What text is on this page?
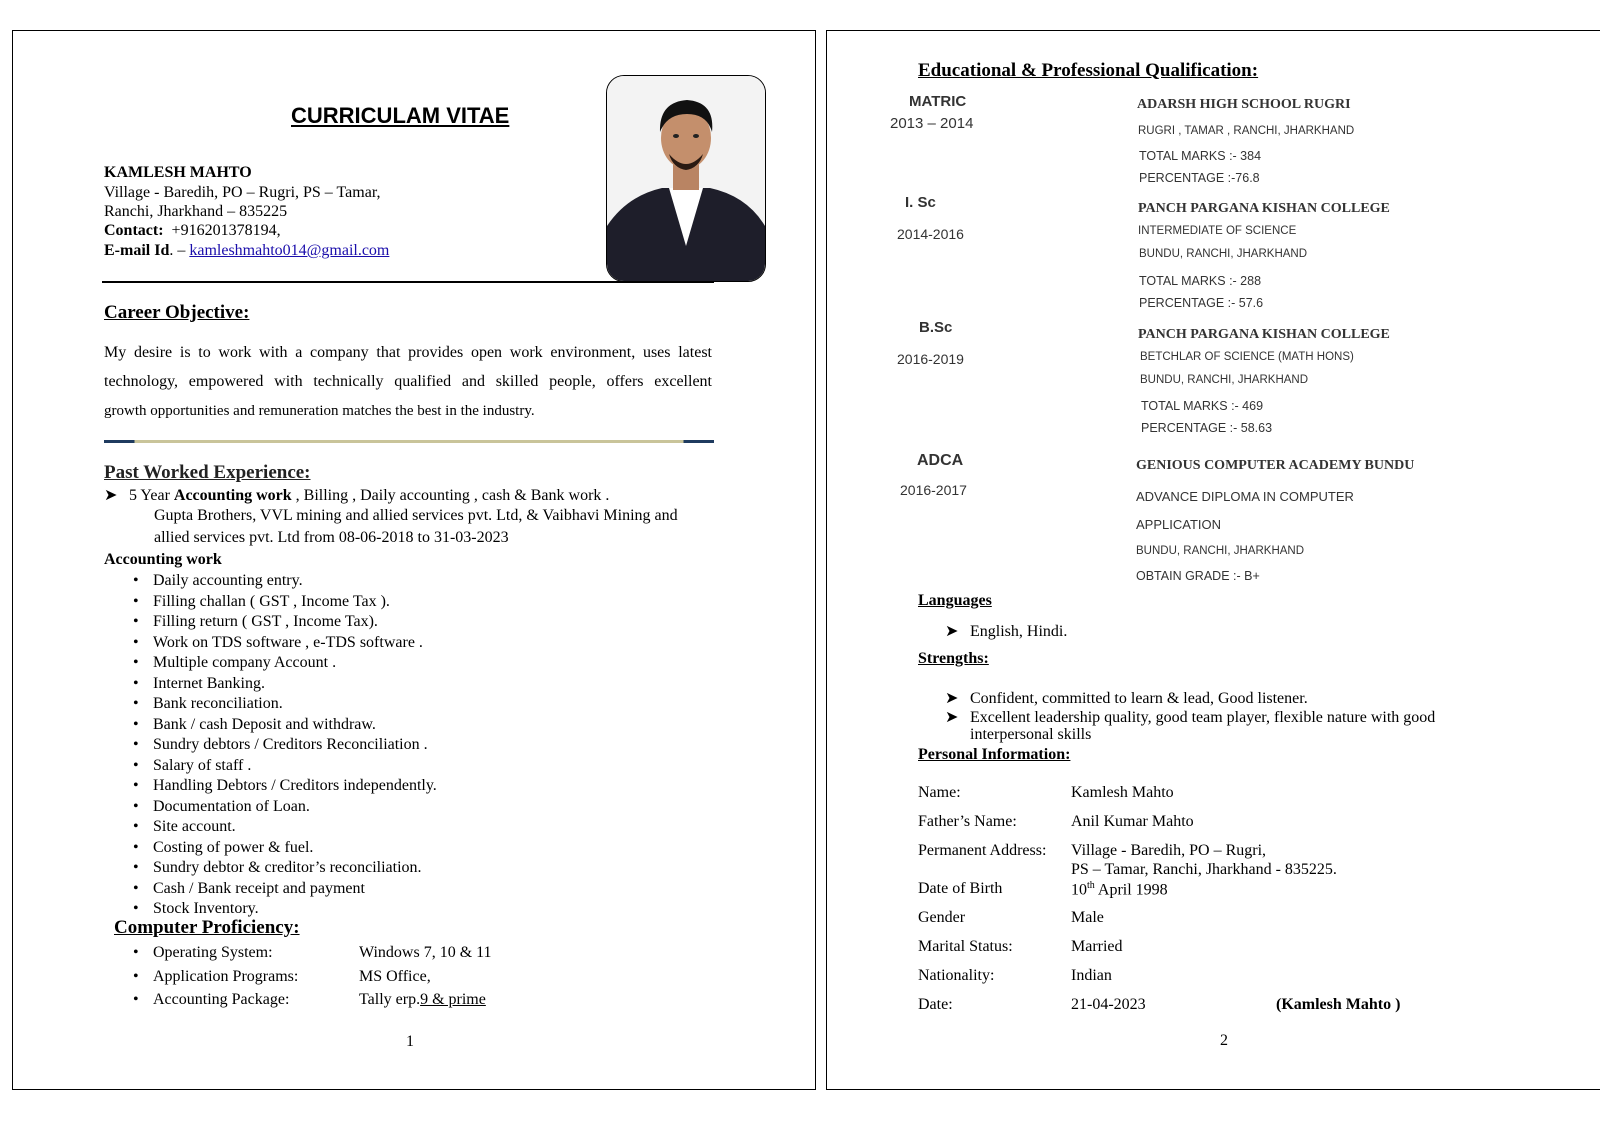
CURRICULAM VITAE
KAMLESH MAHTO
Village - Baredih, PO – Rugri, PS – Tamar,
Ranchi, Jharkhand – 835225
Contact: +916201378194,
E-mail Id. – kamleshmahto014@gmail.com
Career Objective:
My desire is to work with a company that provides open work environment, uses latest
technology, empowered with technically qualified and skilled people, offers excellent
growth opportunities and remuneration matches the best in the industry.
Past Worked Experience:
➤ 5 Year Accounting work , Billing , Daily accounting , cash & Bank work .
Gupta Brothers, VVL mining and allied services pvt. Ltd, & Vaibhavi Mining and
allied services pvt. Ltd from 08-06-2018 to 31-03-2023
Accounting work
• Daily accounting entry.
• Filling challan ( GST , Income Tax ).
• Filling return ( GST , Income Tax).
• Work on TDS software , e-TDS software .
• Multiple company Account .
• Internet Banking.
• Bank reconciliation.
• Bank / cash Deposit and withdraw.
• Sundry debtors / Creditors Reconciliation .
• Salary of staff .
• Handling Debtors / Creditors independently.
• Documentation of Loan.
• Site account.
• Costing of power & fuel.
• Sundry debtor & creditor’s reconciliation.
• Cash / Bank receipt and payment
• Stock Inventory.
Computer Proficiency:
• Operating System:	Windows 7, 10 & 11
• Application Programs:	MS Office,
• Accounting Package:	Tally erp.9 & prime
1
Educational & Professional Qualification:
MATRIC
2013 – 2014
ADARSH HIGH SCHOOL RUGRI
RUGRI , TAMAR , RANCHI, JHARKHAND
TOTAL MARKS :- 384
PERCENTAGE :-76.8
I. Sc
2014-2016
PANCH PARGANA KISHAN COLLEGE
INTERMEDIATE OF SCIENCE
BUNDU, RANCHI, JHARKHAND
TOTAL MARKS :- 288
PERCENTAGE :- 57.6
B.Sc
2016-2019
PANCH PARGANA KISHAN COLLEGE
BETCHLAR OF SCIENCE (MATH HONS)
BUNDU, RANCHI, JHARKHAND
TOTAL MARKS :- 469
PERCENTAGE :- 58.63
ADCA
2016-2017
GENIOUS COMPUTER ACADEMY BUNDU
ADVANCE DIPLOMA IN COMPUTER
APPLICATION
BUNDU, RANCHI, JHARKHAND
OBTAIN GRADE :- B+
Languages
➤ English, Hindi.
Strengths:
➤ Confident, committed to learn & lead, Good listener.
➤ Excellent leadership quality, good team player, flexible nature with good
interpersonal skills
Personal Information:
Name:	Kamlesh Mahto
Father’s Name:	Anil Kumar Mahto
Permanent Address: Village - Baredih, PO – Rugri,
PS – Tamar, Ranchi, Jharkhand - 835225.
Date of Birth	10th April 1998
Gender	Male
Marital Status:	Married
Nationality:	Indian
Date:	21-04-2023	(Kamlesh Mahto )
2
